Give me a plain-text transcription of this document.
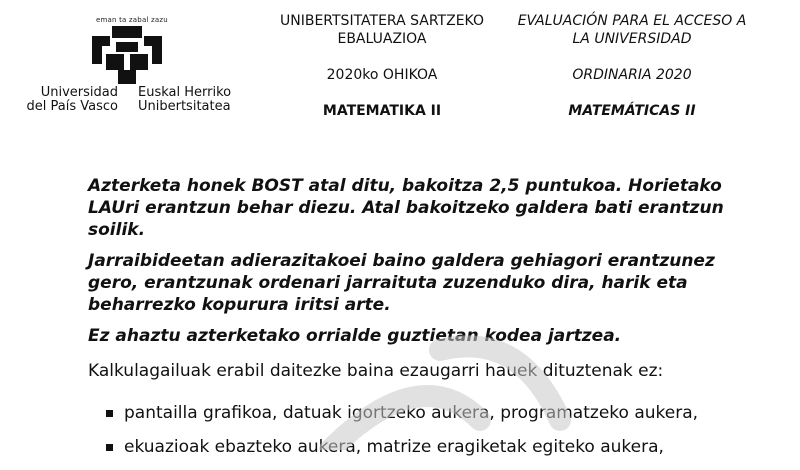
eman ta zabal zazu
Universidad
del País Vasco
Euskal Herriko
Unibertsitatea
UNIBERTSITATERA SARTZEKO
EBALUAZIOA
2020ko OHIKOA
MATEMATIKA II
EVALUACIÓN PARA EL ACCESO A
LA UNIVERSIDAD
ORDINARIA 2020
MATEMÁTICAS II

Azterketa honek BOST atal ditu, bakoitza 2,5 puntukoa. Horietako LAUri erantzun behar diezu. Atal bakoitzeko galdera bati erantzun soilik.

Jarraibideetan adierazitakoei baino galdera gehiagori erantzunez gero, erantzunak ordenari jarraituta zuzenduko dira, harik eta beharrezko kopurura iritsi arte.

Ez ahaztu azterketako orrialde guztietan kodea jartzea.

Kalkulagailuak erabil daitezke baina ezaugarri hauek dituztenak ez:
pantailla grafikoa, datuak igortzeko aukera, programatzeko aukera,
ekuazioak ebazteko aukera, matrize eragiketak egiteko aukera,
